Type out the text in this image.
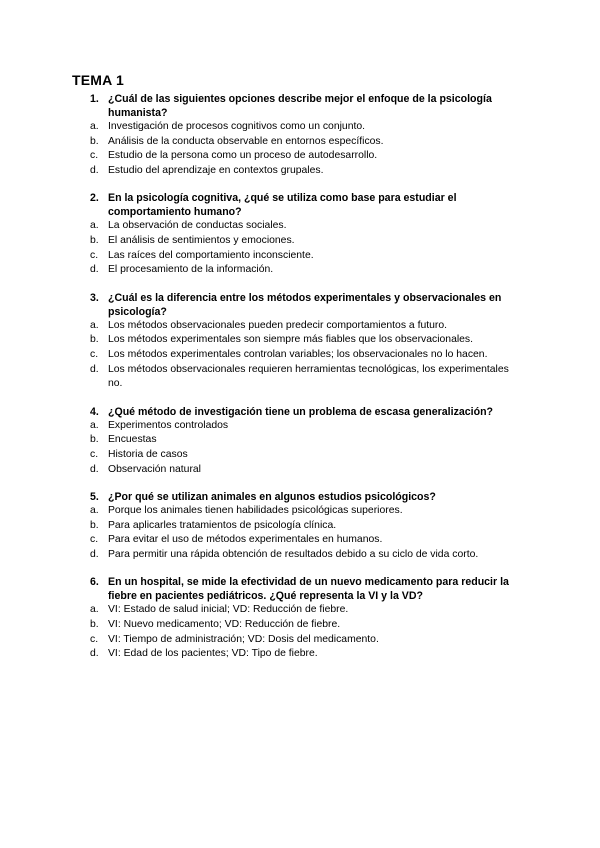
TEMA 1
1. ¿Cuál de las siguientes opciones describe mejor el enfoque de la psicología humanista?
a. Investigación de procesos cognitivos como un conjunto.
b. Análisis de la conducta observable en entornos específicos.
c. Estudio de la persona como un proceso de autodesarrollo.
d. Estudio del aprendizaje en contextos grupales.
2. En la psicología cognitiva, ¿qué se utiliza como base para estudiar el comportamiento humano?
a. La observación de conductas sociales.
b. El análisis de sentimientos y emociones.
c. Las raíces del comportamiento inconsciente.
d. El procesamiento de la información.
3. ¿Cuál es la diferencia entre los métodos experimentales y observacionales en psicología?
a. Los métodos observacionales pueden predecir comportamientos a futuro.
b. Los métodos experimentales son siempre más fiables que los observacionales.
c. Los métodos experimentales controlan variables; los observacionales no lo hacen.
d. Los métodos observacionales requieren herramientas tecnológicas, los experimentales no.
4. ¿Qué método de investigación tiene un problema de escasa generalización?
a. Experimentos controlados
b. Encuestas
c. Historia de casos
d. Observación natural
5. ¿Por qué se utilizan animales en algunos estudios psicológicos?
a. Porque los animales tienen habilidades psicológicas superiores.
b. Para aplicarles tratamientos de psicología clínica.
c. Para evitar el uso de métodos experimentales en humanos.
d. Para permitir una rápida obtención de resultados debido a su ciclo de vida corto.
6. En un hospital, se mide la efectividad de un nuevo medicamento para reducir la fiebre en pacientes pediátricos. ¿Qué representa la VI y la VD?
a. VI: Estado de salud inicial; VD: Reducción de fiebre.
b. VI: Nuevo medicamento; VD: Reducción de fiebre.
c. VI: Tiempo de administración; VD: Dosis del medicamento.
d. VI: Edad de los pacientes; VD: Tipo de fiebre.
